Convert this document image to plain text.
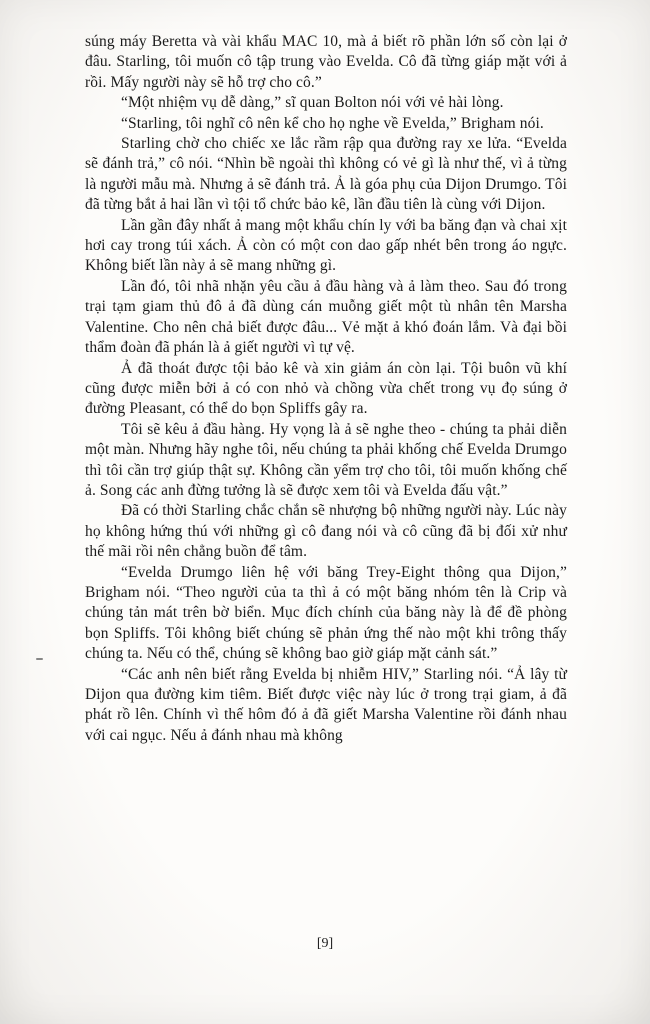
súng máy Beretta và vài khẩu MAC 10, mà ả biết rõ phần lớn số còn lại ở đâu. Starling, tôi muốn cô tập trung vào Evelda. Cô đã từng giáp mặt với ả rồi. Mấy người này sẽ hỗ trợ cho cô.”

“Một nhiệm vụ dễ dàng,” sĩ quan Bolton nói với vẻ hài lòng.

“Starling, tôi nghĩ cô nên kể cho họ nghe về Evelda,” Brigham nói.

Starling chờ cho chiếc xe lắc rầm rập qua đường ray xe lửa. “Evelda sẽ đánh trả,” cô nói. “Nhìn bề ngoài thì không có vẻ gì là như thế, vì ả từng là người mẫu mà. Nhưng ả sẽ đánh trả. Ả là góa phụ của Dijon Drumgo. Tôi đã từng bắt ả hai lần vì tội tổ chức bảo kê, lần đầu tiên là cùng với Dijon.

Lần gần đây nhất ả mang một khẩu chín ly với ba băng đạn và chai xịt hơi cay trong túi xách. Ả còn có một con dao gấp nhét bên trong áo ngực. Không biết lần này ả sẽ mang những gì.

Lần đó, tôi nhã nhặn yêu cầu ả đầu hàng và ả làm theo. Sau đó trong trại tạm giam thủ đô ả đã dùng cán muỗng giết một tù nhân tên Marsha Valentine. Cho nên chả biết được đâu... Vẻ mặt ả khó đoán lắm. Và đại bồi thẩm đoàn đã phán là ả giết người vì tự vệ.

Ả đã thoát được tội bảo kê và xin giảm án còn lại. Tội buôn vũ khí cũng được miễn bởi ả có con nhỏ và chồng vừa chết trong vụ đọ súng ở đường Pleasant, có thể do bọn Spliffs gây ra.

Tôi sẽ kêu ả đầu hàng. Hy vọng là ả sẽ nghe theo - chúng ta phải diễn một màn. Nhưng hãy nghe tôi, nếu chúng ta phải khống chế Evelda Drumgo thì tôi cần trợ giúp thật sự. Không cần yểm trợ cho tôi, tôi muốn khống chế ả. Song các anh đừng tưởng là sẽ được xem tôi và Evelda đấu vật.”

Đã có thời Starling chắc chắn sẽ nhượng bộ những người này. Lúc này họ không hứng thú với những gì cô đang nói và cô cũng đã bị đối xử như thế mãi rồi nên chẳng buồn để tâm.

“Evelda Drumgo liên hệ với băng Trey-Eight thông qua Dijon,” Brigham nói. “Theo người của ta thì ả có một băng nhóm tên là Crip và chúng tản mát trên bờ biển. Mục đích chính của băng này là để đề phòng bọn Spliffs. Tôi không biết chúng sẽ phản ứng thế nào một khi trông thấy chúng ta. Nếu có thể, chúng sẽ không bao giờ giáp mặt cảnh sát.”

“Các anh nên biết rằng Evelda bị nhiễm HIV,” Starling nói. “Ả lây từ Dijon qua đường kim tiêm. Biết được việc này lúc ở trong trại giam, ả đã phát rồ lên. Chính vì thế hôm đó ả đã giết Marsha Valentine rồi đánh nhau với cai ngục. Nếu ả đánh nhau mà không

[9]
